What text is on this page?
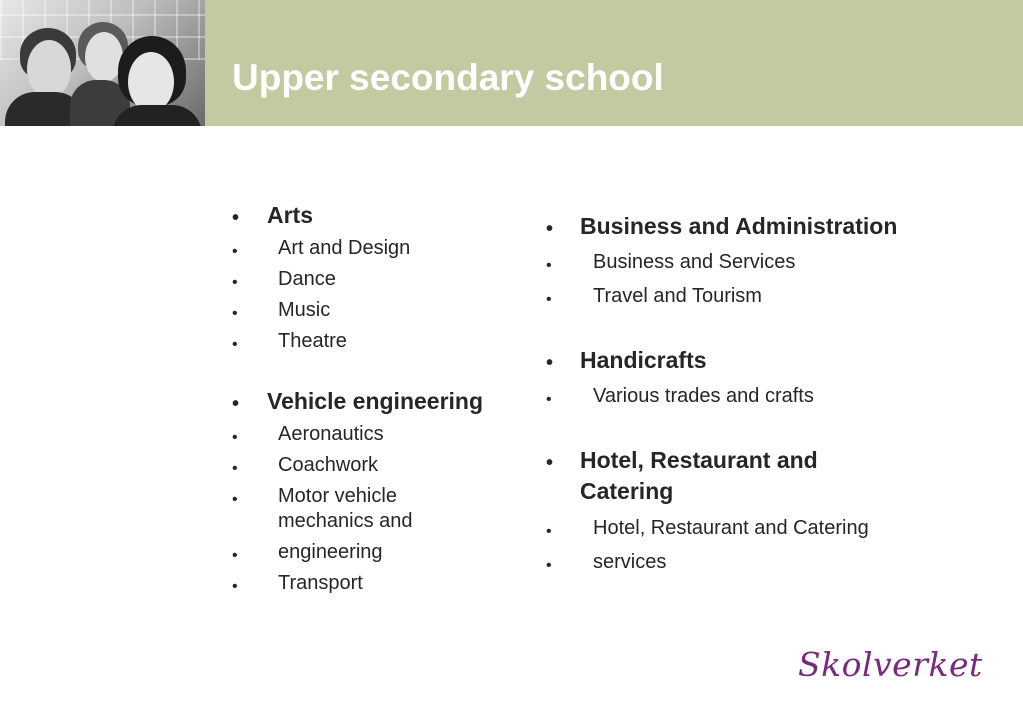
Upper secondary school
• Arts
• Art and Design
• Dance
• Music
• Theatre
• Vehicle engineering
• Aeronautics
• Coachwork
• Motor vehicle mechanics and
• engineering
• Transport
• Business and Administration
• Business and Services
• Travel and Tourism
• Handicrafts
• Various trades and crafts
• Hotel, Restaurant and Catering
• Hotel, Restaurant and Catering
• services
Skolverket
